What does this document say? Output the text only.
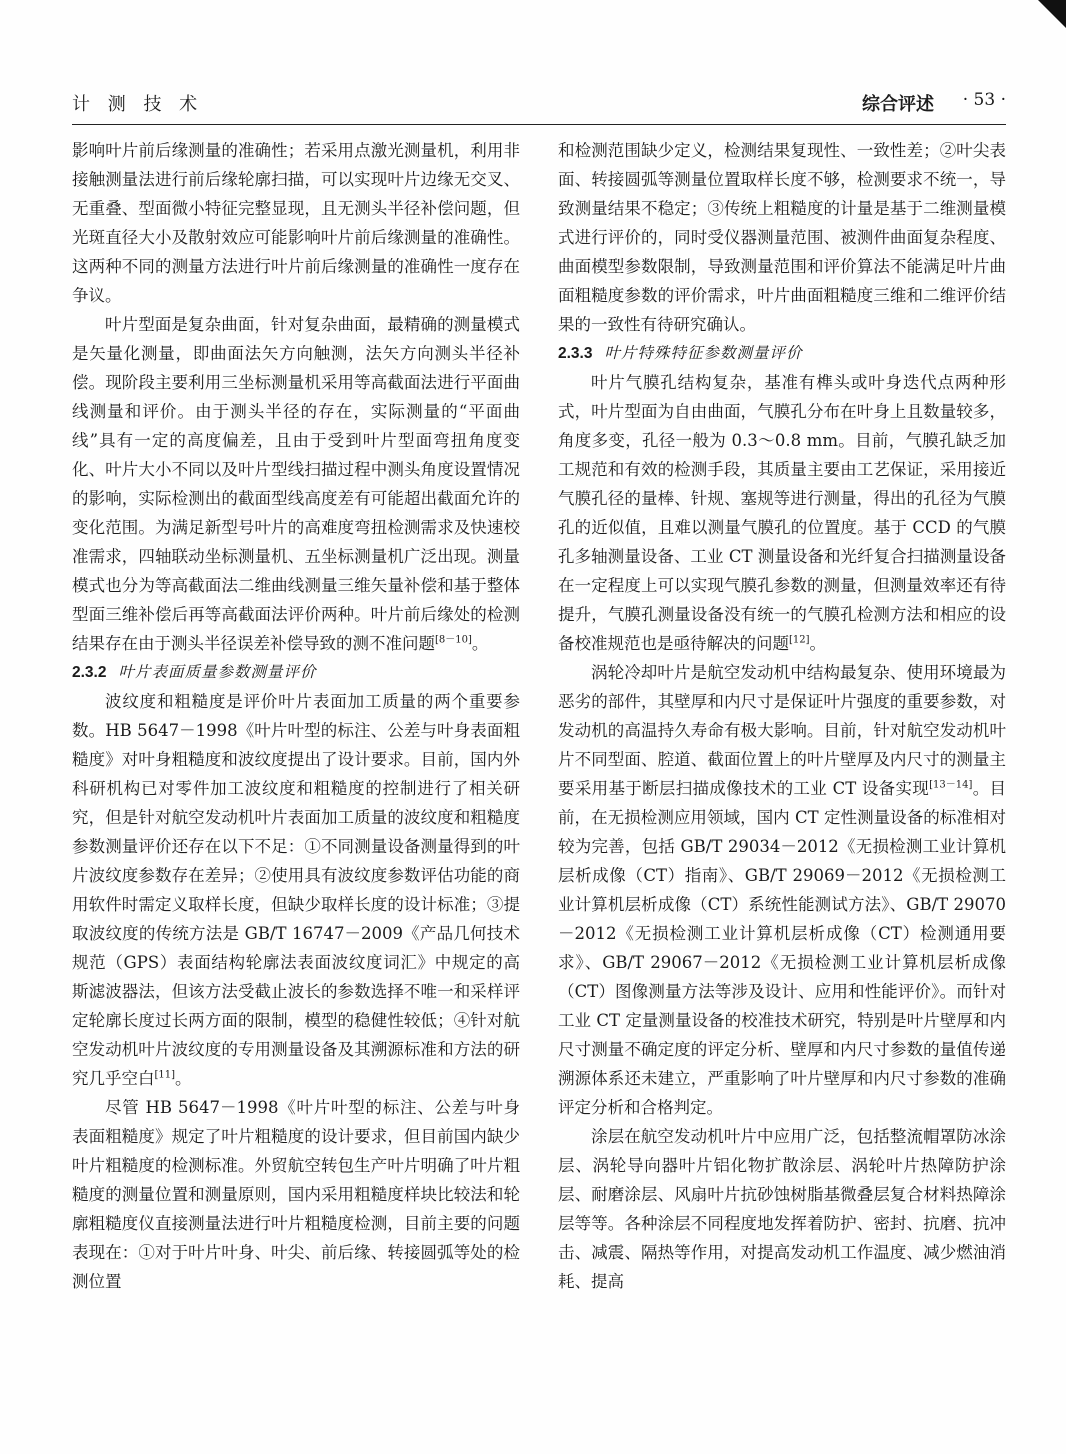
计 测 技 术	综合评述 · 53 ·

影响叶片前后缘测量的准确性；若采用点激光测量机，利用非接触测量法进行前后缘轮廓扫描，可以实现叶片边缘无交叉、无重叠、型面微小特征完整显现，且无测头半径补偿问题，但光斑直径大小及散射效应可能影响叶片前后缘测量的准确性。这两种不同的测量方法进行叶片前后缘测量的准确性一度存在争议。

叶片型面是复杂曲面，针对复杂曲面，最精确的测量模式是矢量化测量，即曲面法矢方向触测，法矢方向测头半径补偿。现阶段主要利用三坐标测量机采用等高截面法进行平面曲线测量和评价。由于测头半径的存在，实际测量的“平面曲线”具有一定的高度偏差，且由于受到叶片型面弯扭角度变化、叶片大小不同以及叶片型线扫描过程中测头角度设置情况的影响，实际检测出的截面型线高度差有可能超出截面允许的变化范围。为满足新型号叶片的高难度弯扭检测需求及快速校准需求，四轴联动坐标测量机、五坐标测量机广泛出现。测量模式也分为等高截面法二维曲线测量三维矢量补偿和基于整体型面三维补偿后再等高截面法评价两种。叶片前后缘处的检测结果存在由于测头半径误差补偿导致的测不准问题[8－10]。

2.3.2 叶片表面质量参数测量评价

波纹度和粗糙度是评价叶片表面加工质量的两个重要参数。HB 5647－1998《叶片叶型的标注、公差与叶身表面粗糙度》对叶身粗糙度和波纹度提出了设计要求。目前，国内外科研机构已对零件加工波纹度和粗糙度的控制进行了相关研究，但是针对航空发动机叶片表面加工质量的波纹度和粗糙度参数测量评价还存在以下不足：①不同测量设备测量得到的叶片波纹度参数存在差异；②使用具有波纹度参数评估功能的商用软件时需定义取样长度，但缺少取样长度的设计标准；③提取波纹度的传统方法是 GB/T 16747－2009《产品几何技术规范（GPS）表面结构轮廓法表面波纹度词汇》中规定的高斯滤波器法，但该方法受截止波长的参数选择不唯一和采样评定轮廓长度过长两方面的限制，模型的稳健性较低；④针对航空发动机叶片波纹度的专用测量设备及其溯源标准和方法的研究几乎空白[11]。

尽管 HB 5647－1998《叶片叶型的标注、公差与叶身表面粗糙度》规定了叶片粗糙度的设计要求，但目前国内缺少叶片粗糙度的检测标准。外贸航空转包生产叶片明确了叶片粗糙度的测量位置和测量原则，国内采用粗糙度样块比较法和轮廓粗糙度仪直接测量法进行叶片粗糙度检测，目前主要的问题表现在：①对于叶片叶身、叶尖、前后缘、转接圆弧等处的检测位置

和检测范围缺少定义，检测结果复现性、一致性差；②叶尖表面、转接圆弧等测量位置取样长度不够，检测要求不统一，导致测量结果不稳定；③传统上粗糙度的计量是基于二维测量模式进行评价的，同时受仪器测量范围、被测件曲面复杂程度、曲面模型参数限制，导致测量范围和评价算法不能满足叶片曲面粗糙度参数的评价需求，叶片曲面粗糙度三维和二维评价结果的一致性有待研究确认。

2.3.3 叶片特殊特征参数测量评价

叶片气膜孔结构复杂，基准有榫头或叶身迭代点两种形式，叶片型面为自由曲面，气膜孔分布在叶身上且数量较多，角度多变，孔径一般为 0.3～0.8 mm。目前，气膜孔缺乏加工规范和有效的检测手段，其质量主要由工艺保证，采用接近气膜孔径的量棒、针规、塞规等进行测量，得出的孔径为气膜孔的近似值，且难以测量气膜孔的位置度。基于 CCD 的气膜孔多轴测量设备、工业 CT 测量设备和光纤复合扫描测量设备在一定程度上可以实现气膜孔参数的测量，但测量效率还有待提升，气膜孔测量设备没有统一的气膜孔检测方法和相应的设备校准规范也是亟待解决的问题[12]。

涡轮冷却叶片是航空发动机中结构最复杂、使用环境最为恶劣的部件，其壁厚和内尺寸是保证叶片强度的重要参数，对发动机的高温持久寿命有极大影响。目前，针对航空发动机叶片不同型面、腔道、截面位置上的叶片壁厚及内尺寸的测量主要采用基于断层扫描成像技术的工业 CT 设备实现[13－14]。目前，在无损检测应用领域，国内 CT 定性测量设备的标准相对较为完善，包括 GB/T 29034－2012《无损检测工业计算机层析成像（CT）指南》、GB/T 29069－2012《无损检测工业计算机层析成像（CT）系统性能测试方法》、GB/T 29070－2012《无损检测工业计算机层析成像（CT）检测通用要求》、GB/T 29067－2012《无损检测工业计算机层析成像（CT）图像测量方法等涉及设计、应用和性能评价》。而针对工业 CT 定量测量设备的校准技术研究，特别是叶片壁厚和内尺寸测量不确定度的评定分析、壁厚和内尺寸参数的量值传递溯源体系还未建立，严重影响了叶片壁厚和内尺寸参数的准确评定分析和合格判定。

涂层在航空发动机叶片中应用广泛，包括整流帽罩防冰涂层、涡轮导向器叶片铝化物扩散涂层、涡轮叶片热障防护涂层、耐磨涂层、风扇叶片抗砂蚀树脂基微叠层复合材料热障涂层等等。各种涂层不同程度地发挥着防护、密封、抗磨、抗冲击、减震、隔热等作用，对提高发动机工作温度、减少燃油消耗、提高
